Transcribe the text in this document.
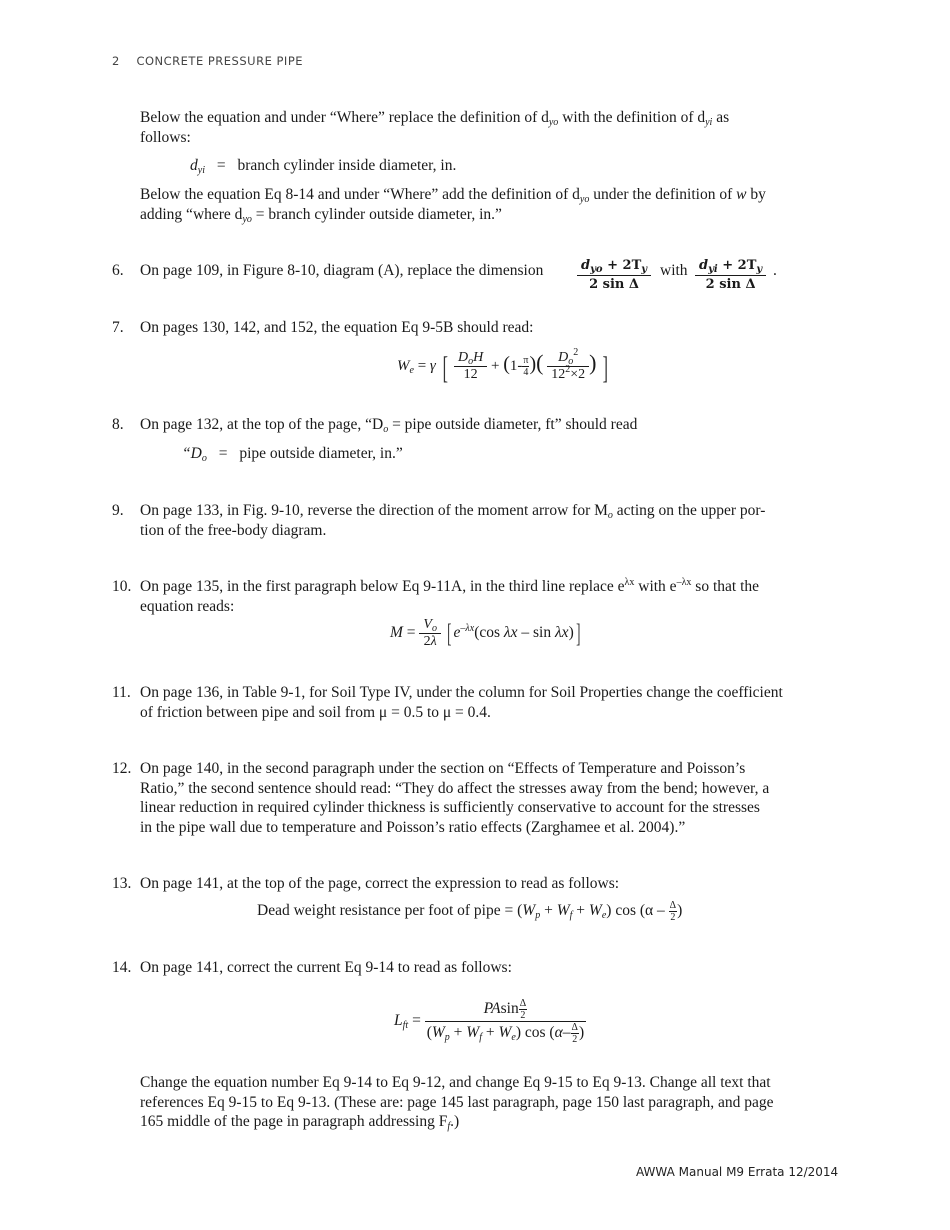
2 CONCRETE PRESSURE PIPE
Below the equation and under “Where” replace the definition of $d_{yo}$ with the definition of $d_{yi}$ as
follows:
$d_{yi}$ = branch cylinder inside diameter, in.
Below the equation Eq 8-14 and under “Where” add the definition of $d_{yo}$ under the definition of w by
adding “where $d_{yo}$ = branch cylinder outside diameter, in.”
6.	On page 109, in Figure 8-10, diagram (A), replace the dimension	$\frac{d_{yo} + 2T_y}{\text{2 sin Δ}}$ with $\frac{d_{yi} + 2T_y}{\text{2 sin Δ}}$ .
7.	On pages 130, 142, and 152, the equation Eq 9-5B should read:
$W_e = \gamma$ [ $\frac{D_oH}{12} + (1- \frac{\pi}{4}$ )( $\frac{D_o^2}{12^2\times 2}$ ) ]
8.	On page 132, at the top of the page, “$D_o$ = pipe outside diameter, ft” should read
“$D_o$ = pipe outside diameter, in.”
9.	On page 133, in Fig. 9-10, reverse the direction of the moment arrow for $M_o$ acting on the upper por-
tion of the free-body diagram.
10. On page 135, in the first paragraph below Eq 9-11A, in the third line replace $e^{\lambda x}$ with $e^{-\lambda x}$ so that the
equation reads:
$M = \frac{V_o}{2\lambda}$ [ $e^{-\lambda x}(\cos$ λx – sin λx)]
11. On page 136, in Table 9-1, for Soil Type IV, under the column for Soil Properties change the coefficient
of friction between pipe and soil from μ = 0.5 to μ = 0.4.
12. On page 140, in the second paragraph under the section on “Effects of Temperature and Poisson’s
Ratio,” the second sentence should read: “They do affect the stresses away from the bend; however, a
linear reduction in required cylinder thickness is sufficiently conservative to account for the stresses
in the pipe wall due to temperature and Poisson’s ratio effects (Zarghamee et al. 2004).”
13. On page 141, at the top of the page, correct the expression to read as follows:
Dead weight resistance per foot of pipe = $(W_p + W_f + W_e)$ $\cos (\alpha - \frac{\Delta}{2}$ )
14. On page 141, correct the current Eq 9-14 to read as follows:
$L_{ft} = \frac{PAsin \frac{\Delta}{2}}{(W_p + W_f + W_e) \cos (\alpha- \frac{\Delta}{2} )}$
Change the equation number Eq 9-14 to Eq 9-12, and change Eq 9-15 to Eq 9-13. Change all text that
references Eq 9-15 to Eq 9-13. (These are: page 145 last paragraph, page 150 last paragraph, and page
165 middle of the page in paragraph addressing $F_f$.)
AWWA Manual M9 Errata 12/2014
